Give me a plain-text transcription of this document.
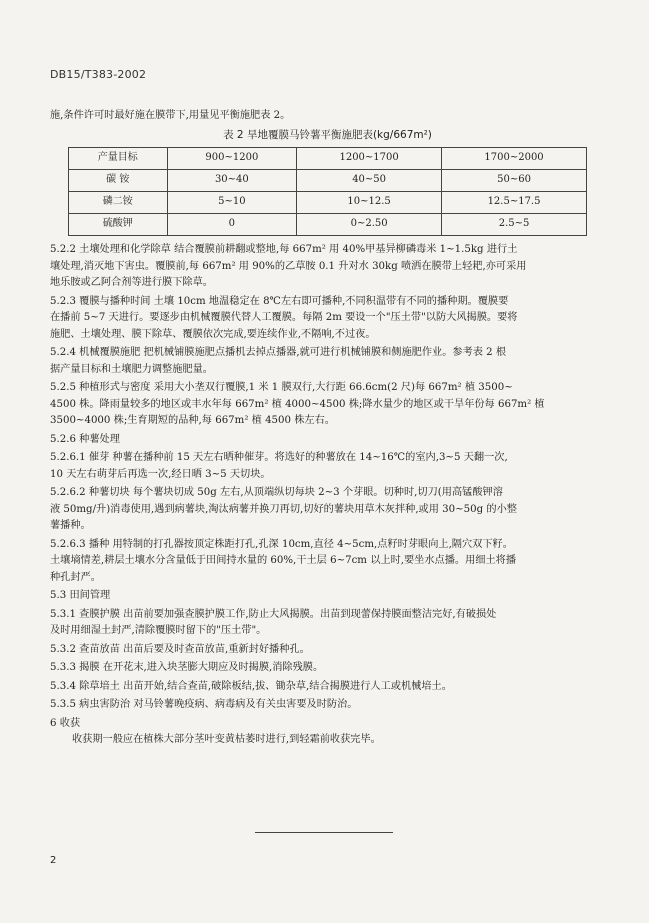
DB15/T383-2002

施,条件许可时最好施在膜带下,用量见平衡施肥表 2。

表 2 旱地覆膜马铃薯平衡施肥表(kg/667m²)
产量目标	900~1200	1200~1700	1700~2000
碳 铵	30~40	40~50	50~60
磷二铵	5~10	10~12.5	12.5~17.5
硫酸钾	0	0~2.50	2.5~5

5.2.2 土壤处理和化学除草 结合覆膜前耕翻或整地,每 667m² 用 40%甲基异柳磷毒米 1~1.5kg 进行土

壤处理,消灭地下害虫。覆膜前,每 667m² 用 90%的乙草胺 0.1 升对水 30kg 喷洒在膜带上轻耙,亦可采用

地乐胺或乙阿合剂等进行膜下除草。

5.2.3 覆膜与播种时间 土壤 10cm 地温稳定在 8℃左右即可播种,不同积温带有不同的播种期。覆膜要

在播前 5~7 天进行。要逐步由机械覆膜代替人工覆膜。每隔 2m 要设一个"压土带"以防大风揭膜。要将

施肥、土壤处理、膜下除草、覆膜依次完成,要连续作业,不隔响,不过夜。

5.2.4 机械覆膜施肥 把机械铺膜施肥点播机去掉点播器,就可进行机械铺膜和侧施肥作业。参考表 2 根

据产量目标和土壤肥力调整施肥量。

5.2.5 种植形式与密度 采用大小垄双行覆膜,1 米 1 膜双行,大行距 66.6cm(2 尺)每 667m² 植 3500~

4500 株。降雨量较多的地区或丰水年每 667m² 植 4000~4500 株;降水量少的地区或干旱年份每 667m² 植

3500~4000 株;生育期短的品种,每 667m² 植 4500 株左右。

5.2.6 种薯处理

5.2.6.1 催芽 种薯在播种前 15 天左右晒种催芽。将选好的种薯放在 14~16℃的室内,3~5 天翻一次,

10 天左右萌芽后再选一次,经日晒 3~5 天切块。

5.2.6.2 种薯切块 每个薯块切成 50g 左右,从顶端纵切每块 2~3 个芽眼。切种时,切刀(用高锰酸钾溶

液 50mg/升)消毒使用,遇到病薯块,淘汰病薯并换刀再切,切好的薯块用草木灰拌种,或用 30~50g 的小整

薯播种。

5.2.6.3 播种 用特制的打孔器按顶定株距打孔,孔深 10cm,直径 4~5cm,点籽时芽眼向上,隔穴双下籽。

土壤墒情差,耕层土壤水分含量低于田间持水量的 60%,干土层 6~7cm 以上时,要坐水点播。用细土将播

种孔封严。

5.3 田间管理

5.3.1 查膜护膜 出苗前要加强查膜护膜工作,防止大风揭膜。出苗到现蕾保持膜面整洁完好,有破损处

及时用细湿土封严,清除覆膜时留下的"压土带"。

5.3.2 查苗放苗 出苗后要及时查苗放苗,重新封好播种孔。

5.3.3 揭膜 在开花末,进入块茎膨大期应及时揭膜,消除残膜。

5.3.4 除草培土 出苗开始,结合查苗,破除板结,拔、锄杂草,结合揭膜进行人工或机械培土。

5.3.5 病虫害防治 对马铃薯晚疫病、病毒病及有关虫害要及时防治。

6 收获

收获期一般应在植株大部分茎叶变黄枯萎时进行,到轻霜前收获完毕。

2
